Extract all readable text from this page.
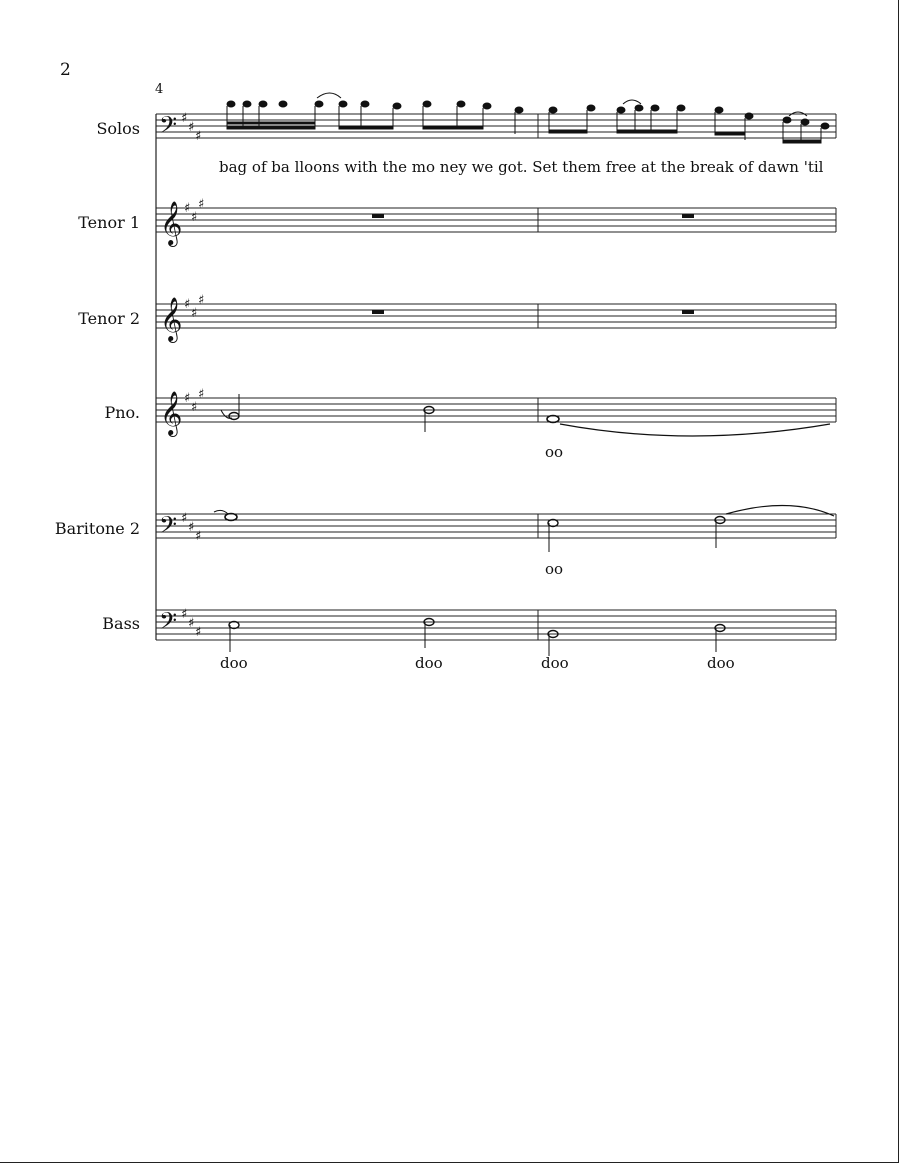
2
4
Solos
Tenor 1
Tenor 2
Pno.
Baritone 2
Bass
bag of ba lloons with the mo ney we got. Set them free at the break of dawn 'til
oo
oo
doo	doo	doo	doo
𝄢 ♯
♯
♯
𝄞 ♯
♯
♯
𝄞 ♯
♯
♯
𝄞 ♯
♯
♯
𝄢 ♯
♯
♯
𝄢 ♯
♯
♯
